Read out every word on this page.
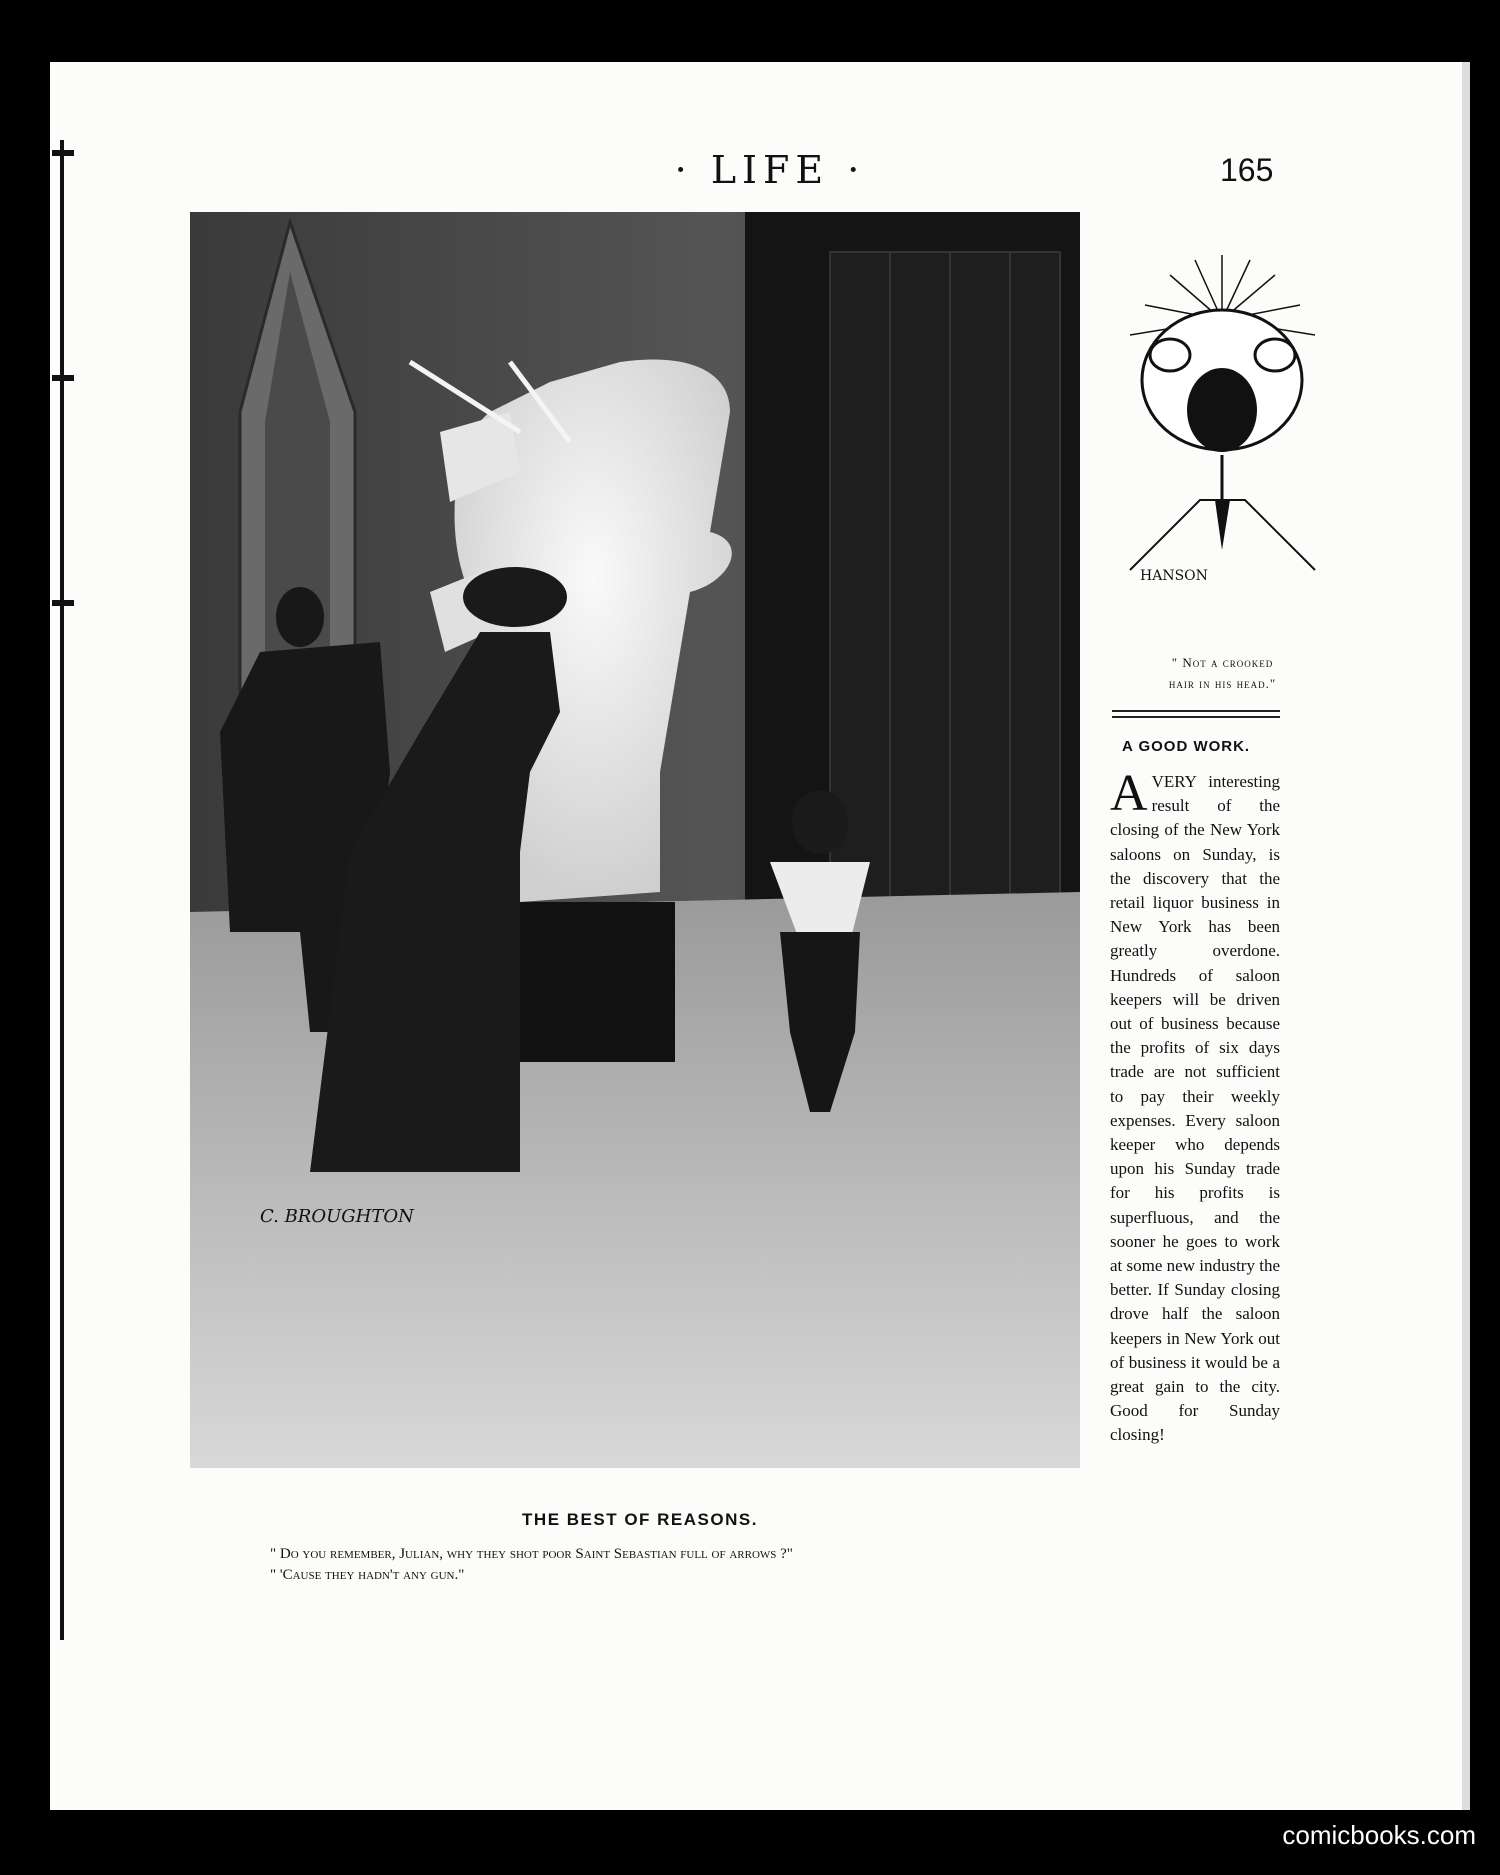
· LIFE ·	165
C. BROUGHTON
THE BEST OF REASONS.
" Do you remember, Julian, why they shot poor Saint Sebastian full of arrows ?"
" 'Cause they hadn't any gun."
HANSON
" Not a crooked
hair in his head."
A GOOD WORK.
AVERY interesting result of the closing of the New York saloons on Sunday, is the discovery that the retail liquor business in New York has been greatly overdone. Hundreds of saloon keepers will be driven out of business because the profits of six days trade are not sufficient to pay their weekly expenses. Every saloon keeper who depends upon his Sunday trade for his profits is superfluous, and the sooner he goes to work at some new industry the better. If Sunday closing drove half the saloon keepers in New York out of business it would be a great gain to the city. Good for Sunday closing!
comicbooks.com
